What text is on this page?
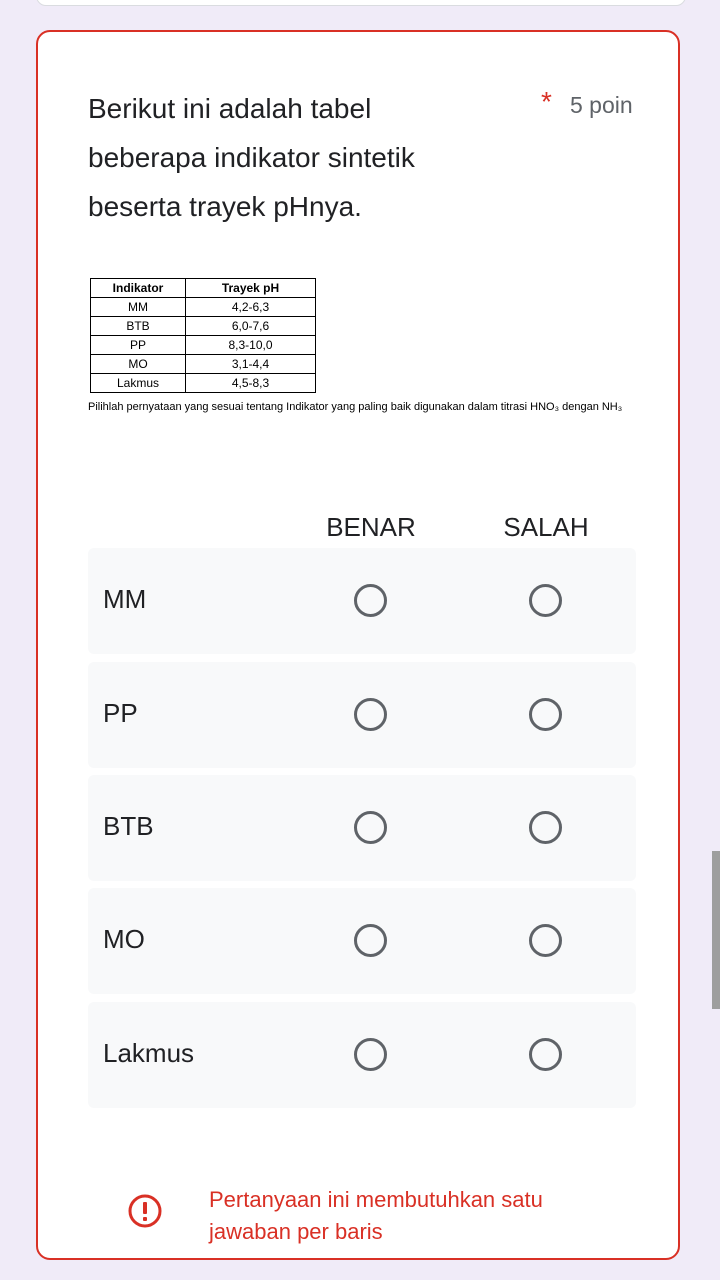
Berikut ini adalah tabel beberapa indikator sintetik beserta trayek pHnya.
* 5 poin
Indikator	Trayek pH
MM	4,2-6,3
BTB	6,0-7,6
PP	8,3-10,0
MO	3,1-4,4
Lakmus	4,5-8,3
Pilihlah pernyataan yang sesuai tentang Indikator yang paling baik digunakan dalam titrasi HNO₃ dengan NH₃
BENAR	SALAH
MM
PP
BTB
MO
Lakmus
Pertanyaan ini membutuhkan satu jawaban per baris
